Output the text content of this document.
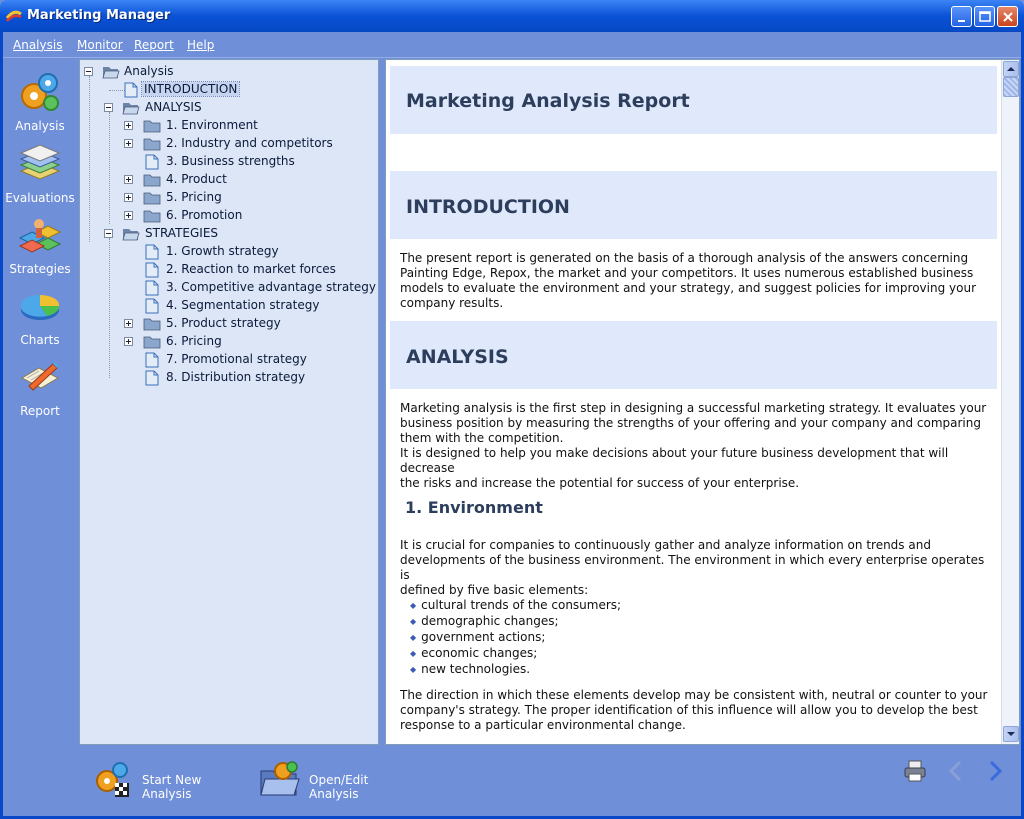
Marketing Manager
Analysis Monitor Report Help
Analysis
Evaluations
Strategies
Charts
Report
Analysis
INTRODUCTION
ANALYSIS
1. Environment
2. Industry and competitors
3. Business strengths
4. Product
5. Pricing
6. Promotion
STRATEGIES
1. Growth strategy
2. Reaction to market forces
3. Competitive advantage strategy
4. Segmentation strategy
5. Product strategy
6. Pricing
7. Promotional strategy
8. Distribution strategy
Marketing Analysis Report
INTRODUCTION
The present report is generated on the basis of a thorough analysis of the answers concerning
Painting Edge, Repox, the market and your competitors. It uses numerous established business
models to evaluate the environment and your strategy, and suggest policies for improving your
company results.
ANALYSIS
Marketing analysis is the first step in designing a successful marketing strategy. It evaluates your
business position by measuring the strengths of your offering and your company and comparing
them with the competition.
It is designed to help you make decisions about your future business development that will decrease
the risks and increase the potential for success of your enterprise.
1. Environment
It is crucial for companies to continuously gather and analyze information on trends and
developments of the business environment. The environment in which every enterprise operates is
defined by five basic elements:
◆ cultural trends of the consumers;
◆ demographic changes;
◆ government actions;
◆ economic changes;
◆ new technologies.
The direction in which these elements develop may be consistent with, neutral or counter to your
company's strategy. The proper identification of this influence will allow you to develop the best
response to a particular environmental change.
Start New Analysis
Open/Edit Analysis
